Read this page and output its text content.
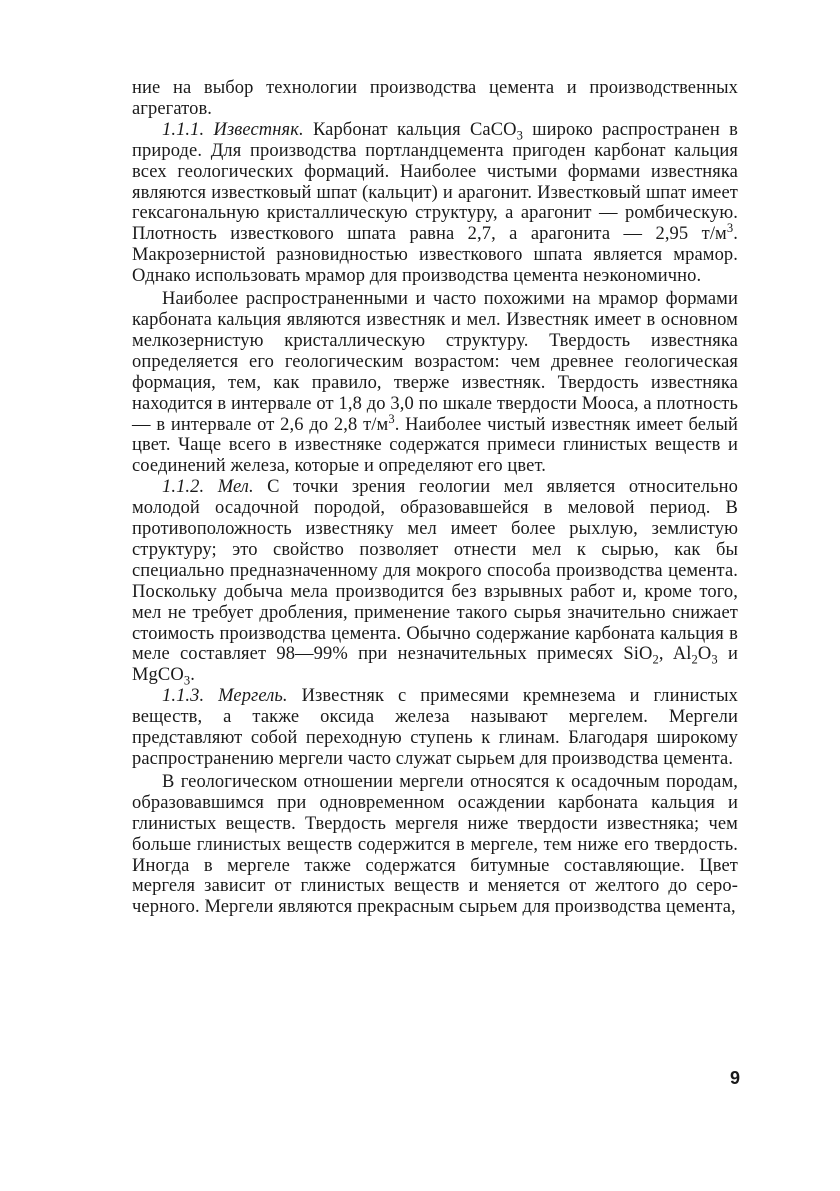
ние на выбор технологии производства цемента и производственных агрегатов.

1.1.1. Известняк. Карбонат кальция CaCO$_3$ широко распространен в природе. Для производства портландцемента пригоден карбонат кальция всех геологических формаций. Наиболее чистыми формами известняка являются известковый шпат (кальцит) и арагонит. Известковый шпат имеет гексагональную кристаллическую структуру, а арагонит — ромбическую. Плотность известкового шпата равна 2,7, а арагонита — 2,95 $т/м^3$. Макрозернистой разновидностью известкового шпата является мрамор. Однако использовать мрамор для производства цемента неэкономично.

Наиболее распространенными и часто похожими на мрамор формами карбоната кальция являются известняк и мел. Известняк имеет в основном мелкозернистую кристаллическую структуру. Твердость известняка определяется его геологическим возрастом: чем древнее геологическая формация, тем, как правило, тверже известняк. Твердость известняка находится в интервале от 1,8 до 3,0 по шкале твердости Мооса, а плотность — в интервале от 2,6 до 2,8 $т/м^3$. Наиболее чистый известняк имеет белый цвет. Чаще всего в известняке содержатся примеси глинистых веществ и соединений железа, которые и определяют его цвет.

1.1.2. Мел. С точки зрения геологии мел является относительно молодой осадочной породой, образовавшейся в меловой период. В противоположность известняку мел имеет более рыхлую, землистую структуру; это свойство позволяет отнести мел к сырью, как бы специально предназначенному для мокрого способа производства цемента. Поскольку добыча мела производится без взрывных работ и, кроме того, мел не требует дробления, применение такого сырья значительно снижает стоимость производства цемента. Обычно содержание карбоната кальция в меле составляет 98—99% при незначительных примесях SiO$_2$, $Al_2O_3$ и MgCO$_3$.

1.1.3. Мергель. Известняк с примесями кремнезема и глинистых веществ, а также оксида железа называют мергелем. Мергели представляют собой переходную ступень к глинам. Благодаря широкому распространению мергели часто служат сырьем для производства цемента.

В геологическом отношении мергели относятся к осадочным породам, образовавшимся при одновременном осаждении карбоната кальция и глинистых веществ. Твердость мергеля ниже твердости известняка; чем больше глинистых веществ содержится в мергеле, тем ниже его твердость. Иногда в мергеле также содержатся битумные составляющие. Цвет мергеля зависит от глинистых веществ и меняется от желтого до серо-черного. Мергели являются прекрасным сырьем для производства цемента,

9
